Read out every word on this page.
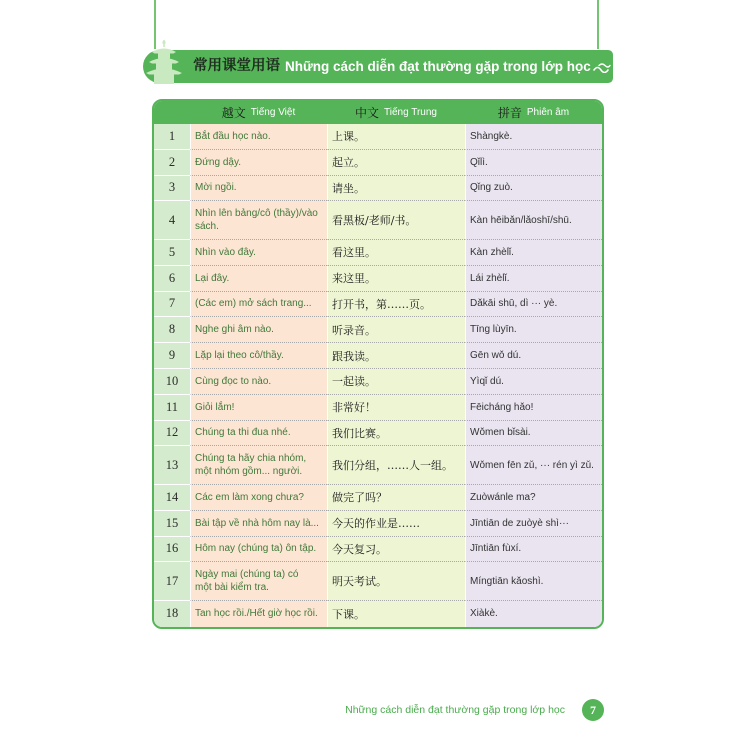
常用课堂用语 Những cách diễn đạt thường gặp trong lớp học
越文 Tiếng Việt	中文 Tiếng Trung	拼音 Phiên âm
1 Bắt đầu học nào.	上课。	Shàngkè.
2 Đứng dậy.	起立。	Qǐlì.
3 Mời ngồi.	请坐。	Qǐng zuò.
4 Nhìn lên bảng/cô (thầy)/vào
sách.	看黑板/老师/书。	Kàn hēibǎn/lǎoshī/shū.
5 Nhìn vào đây.	看这里。	Kàn zhèlǐ.
6 Lại đây.	来这里。	Lái zhèlǐ.
7 (Các em) mở sách trang... 打开书，第……页。	Dǎkāi shū, dì ··· yè.
8 Nghe ghi âm nào.	听录音。	Tīng lùyīn.
9 Lặp lại theo cô/thầy.	跟我读。	Gēn wǒ dú.
10 Cùng đọc to nào.	一起读。	Yìqǐ dú.
11 Giỏi lắm!	非常好！	Fēicháng hǎo!
12 Chúng ta thi đua nhé.	我们比赛。	Wǒmen bǐsài.
13 Chúng ta hãy chia nhóm,
một nhóm gồm... người.	我们分组，……人一组。 Wǒmen fēn zǔ, ··· rén yì zǔ.
14 Các em làm xong chưa?	做完了吗？	Zuòwánle ma?
15 Bài tập về nhà hôm nay là... 今天的作业是……	Jīntiān de zuòyè shì···
16 Hôm nay (chúng ta) ôn tập. 今天复习。	Jīntiān fùxí.
17 Ngày mai (chúng ta) có
một bài kiểm tra.	明天考试。	Míngtiān kǎoshì.
18 Tan học rồi./Hết giờ học rồi. 下课。	Xiàkè.
Những cách diễn đạt thường gặp trong lớp học 7
